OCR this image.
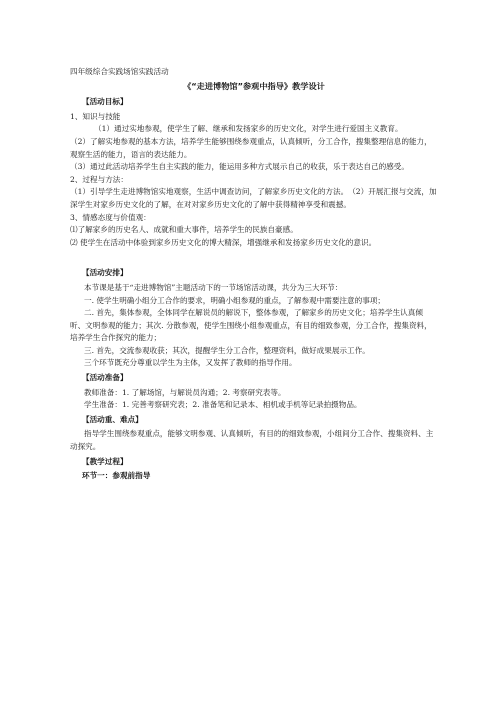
四年级综合实践场馆实践活动

《“走进博物馆”参观中指导》教学设计

【活动目标】

1、知识与技能

（1）通过实地参观，使学生了解、继承和发扬家乡的历史文化，对学生进行爱国主义教育。

（2）了解实地参观的基本方法，培养学生能够围绕参观重点，认真倾听，分工合作，搜集整理信息的能力，观察生活的能力，语言的表达能力。

（3）通过此活动培养学生自主实践的能力，能运用多种方式展示自己的收获，乐于表达自己的感受。

2、过程与方法：

（1）引导学生走进博物馆实地观察，生活中调查访问，了解家乡历史文化的方法。　（2）开展汇报与交流，加深学生对家乡历史文化的了解，在对对家乡历史文化的了解中获得精神享受和震撼。

3、情感态度与价值观：

⑴了解家乡的历史名人、成就和重大事件，培养学生的民族自豪感。

⑵ 使学生在活动中体验到家乡历史文化的博大精深，增强继承和发扬家乡历史文化的意识。

【活动安排】

本节课是基于“走进博物馆”主题活动下的一节场馆活动课，共分为三大环节：

一. 使学生明确小组分工合作的要求，明确小组参观的重点，了解参观中需要注意的事项；

二. 首先，集体参观，全体同学在解说员的解说下，整体参观，了解家乡的历史文化；培养学生认真倾听、文明参观的能力；其次. 分散参观，使学生围绕小组参观重点，有目的细致参观，分工合作，搜集资料，培养学生合作探究的能力；

三. 首先，交流参观收获；其次，提醒学生分工合作，整理资料，做好成果展示工作。

三个环节既充分尊重以学生为主体，又发挥了教师的指导作用。

【活动准备】

教师准备：1. 了解场馆，与解说员沟通；2. 考察研究表等。

学生准备：1. 完善考察研究表；2. 准备笔和记录本、相机或手机等记录拍摄物品。

【活动重、难点】

指导学生围绕参观重点，能够文明参观、认真倾听，有目的的细致参观，小组间分工合作、搜集资料、主动探究。

【教学过程】

环节一：参观前指导
